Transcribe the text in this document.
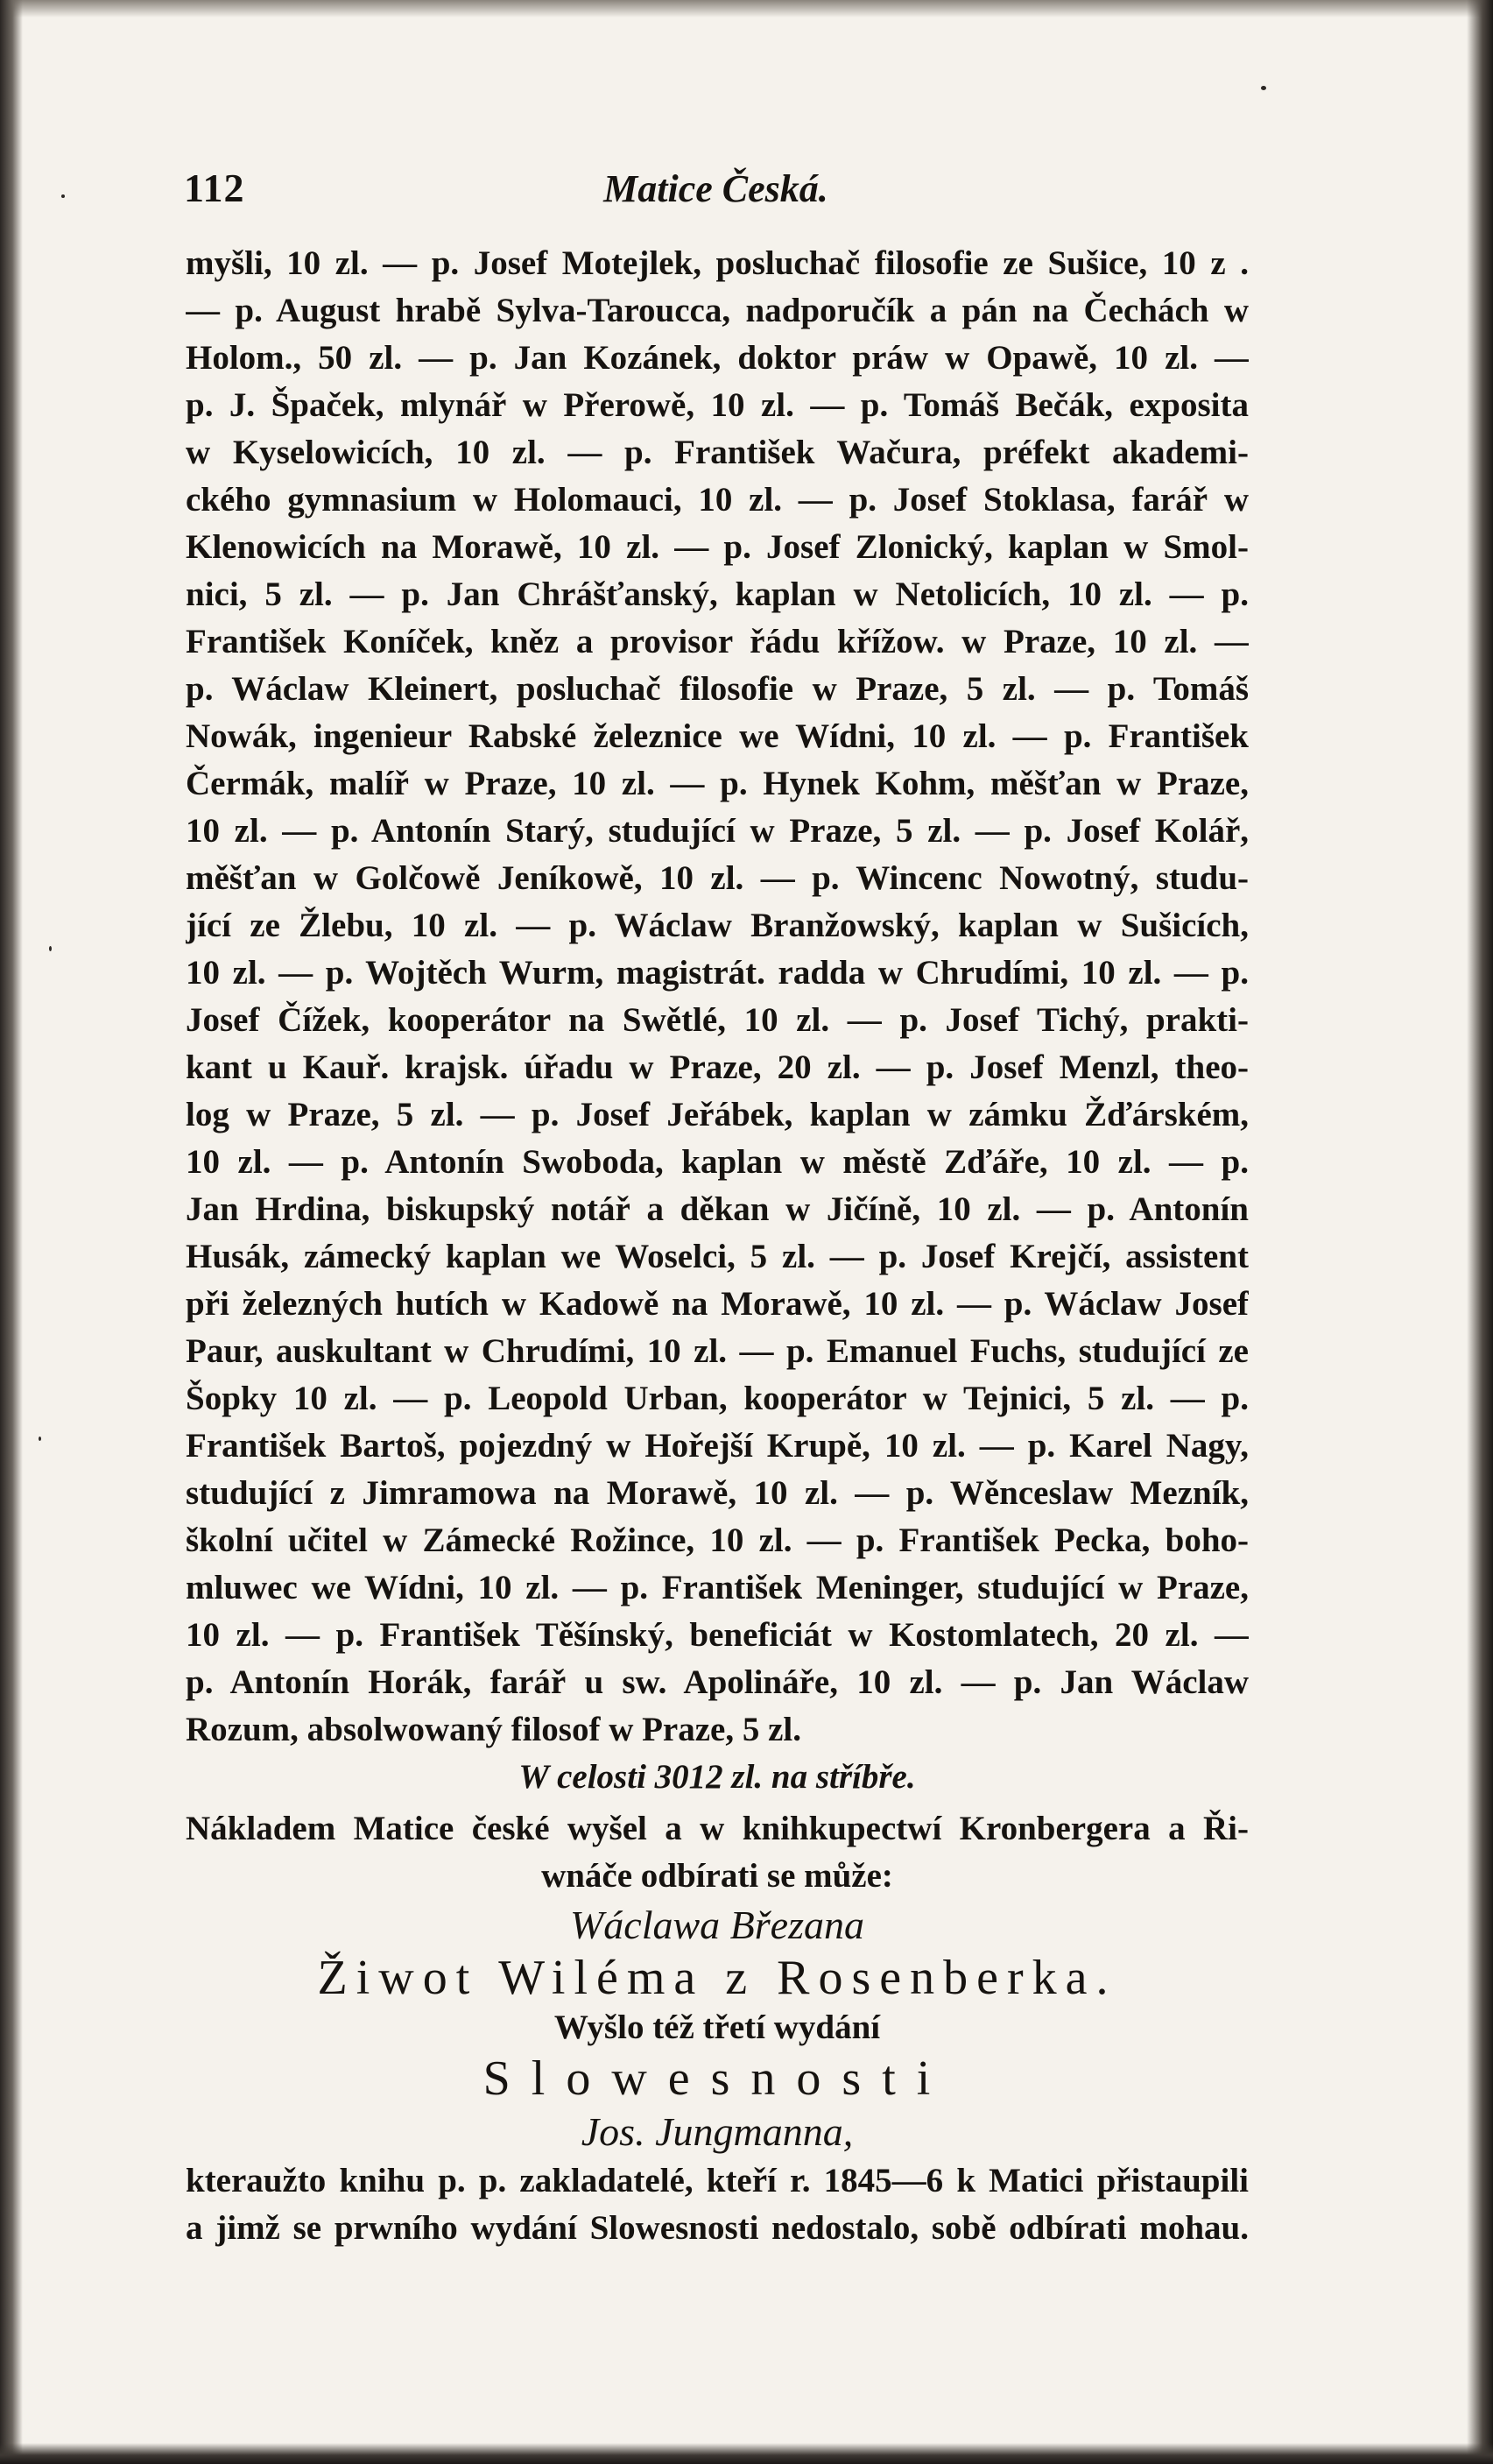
112	Matice Česká.
myšli, 10 zl. — p. Josef Motejlek, posluchač filosofie ze Sušice, 10 z .
— p. August hrabě Sylva-Taroucca, nadporučík a pán na Čechách w
Holom., 50 zl. — p. Jan Kozánek, doktor práw w Opawě, 10 zl. —
p. J. Špaček, mlynář w Přerowě, 10 zl. — p. Tomáš Bečák, exposita
w Kyselowicích, 10 zl. — p. František Wačura, préfekt akademi-
ckého gymnasium w Holomauci, 10 zl. — p. Josef Stoklasa, farář w
Klenowicích na Morawě, 10 zl. — p. Josef Zlonický, kaplan w Smol-
nici, 5 zl. — p. Jan Chrášťanský, kaplan w Netolicích, 10 zl. — p.
František Koníček, kněz a provisor řádu křížow. w Praze, 10 zl. —
p. Wáclaw Kleinert, posluchač filosofie w Praze, 5 zl. — p. Tomáš
Nowák, ingenieur Rabské železnice we Wídni, 10 zl. — p. František
Čermák, malíř w Praze, 10 zl. — p. Hynek Kohm, měšťan w Praze,
10 zl. — p. Antonín Starý, studující w Praze, 5 zl. — p. Josef Kolář,
měšťan w Golčowě Jeníkowě, 10 zl. — p. Wincenc Nowotný, studu-
jící ze Žlebu, 10 zl. — p. Wáclaw Branžowský, kaplan w Sušicích,
10 zl. — p. Wojtěch Wurm, magistrát. radda w Chrudími, 10 zl. — p.
Josef Čížek, kooperátor na Swětlé, 10 zl. — p. Josef Tichý, prakti-
kant u Kauř. krajsk. úřadu w Praze, 20 zl. — p. Josef Menzl, theo-
log w Praze, 5 zl. — p. Josef Jeřábek, kaplan w zámku Žďárském,
10 zl. — p. Antonín Swoboda, kaplan w městě Zďáře, 10 zl. — p.
Jan Hrdina, biskupský notář a děkan w Jičíně, 10 zl. — p. Antonín
Husák, zámecký kaplan we Woselci, 5 zl. — p. Josef Krejčí, assistent
při železných hutích w Kadowě na Morawě, 10 zl. — p. Wáclaw Josef
Paur, auskultant w Chrudími, 10 zl. — p. Emanuel Fuchs, studující ze
Šopky 10 zl. — p. Leopold Urban, kooperátor w Tejnici, 5 zl. — p.
František Bartoš, pojezdný w Hořejší Krupě, 10 zl. — p. Karel Nagy,
studující z Jimramowa na Morawě, 10 zl. — p. Wěnceslaw Mezník,
školní učitel w Zámecké Rožince, 10 zl. — p. František Pecka, boho-
mluwec we Wídni, 10 zl. — p. František Meninger, studující w Praze,
10 zl. — p. František Těšínský, beneficiát w Kostomlatech, 20 zl. —
p. Antonín Horák, farář u sw. Apolináře, 10 zl. — p. Jan Wáclaw
Rozum, absolwowaný filosof w Praze, 5 zl.
W celosti 3012 zl. na stříbře.
Nákladem Matice české wyšel a w knihkupectwí Kronbergera a Ři-
wnáče odbírati se může:
Wáclawa Březana
Žiwot Wiléma z Rosenberka.
Wyšlo též třetí wydání
Slowesnosti
Jos. Jungmanna,
kteraužto knihu p. p. zakladatelé, kteří r. 1845—6 k Matici přistaupili
a jimž se prwního wydání Slowesnosti nedostalo, sobě odbírati mohau.
